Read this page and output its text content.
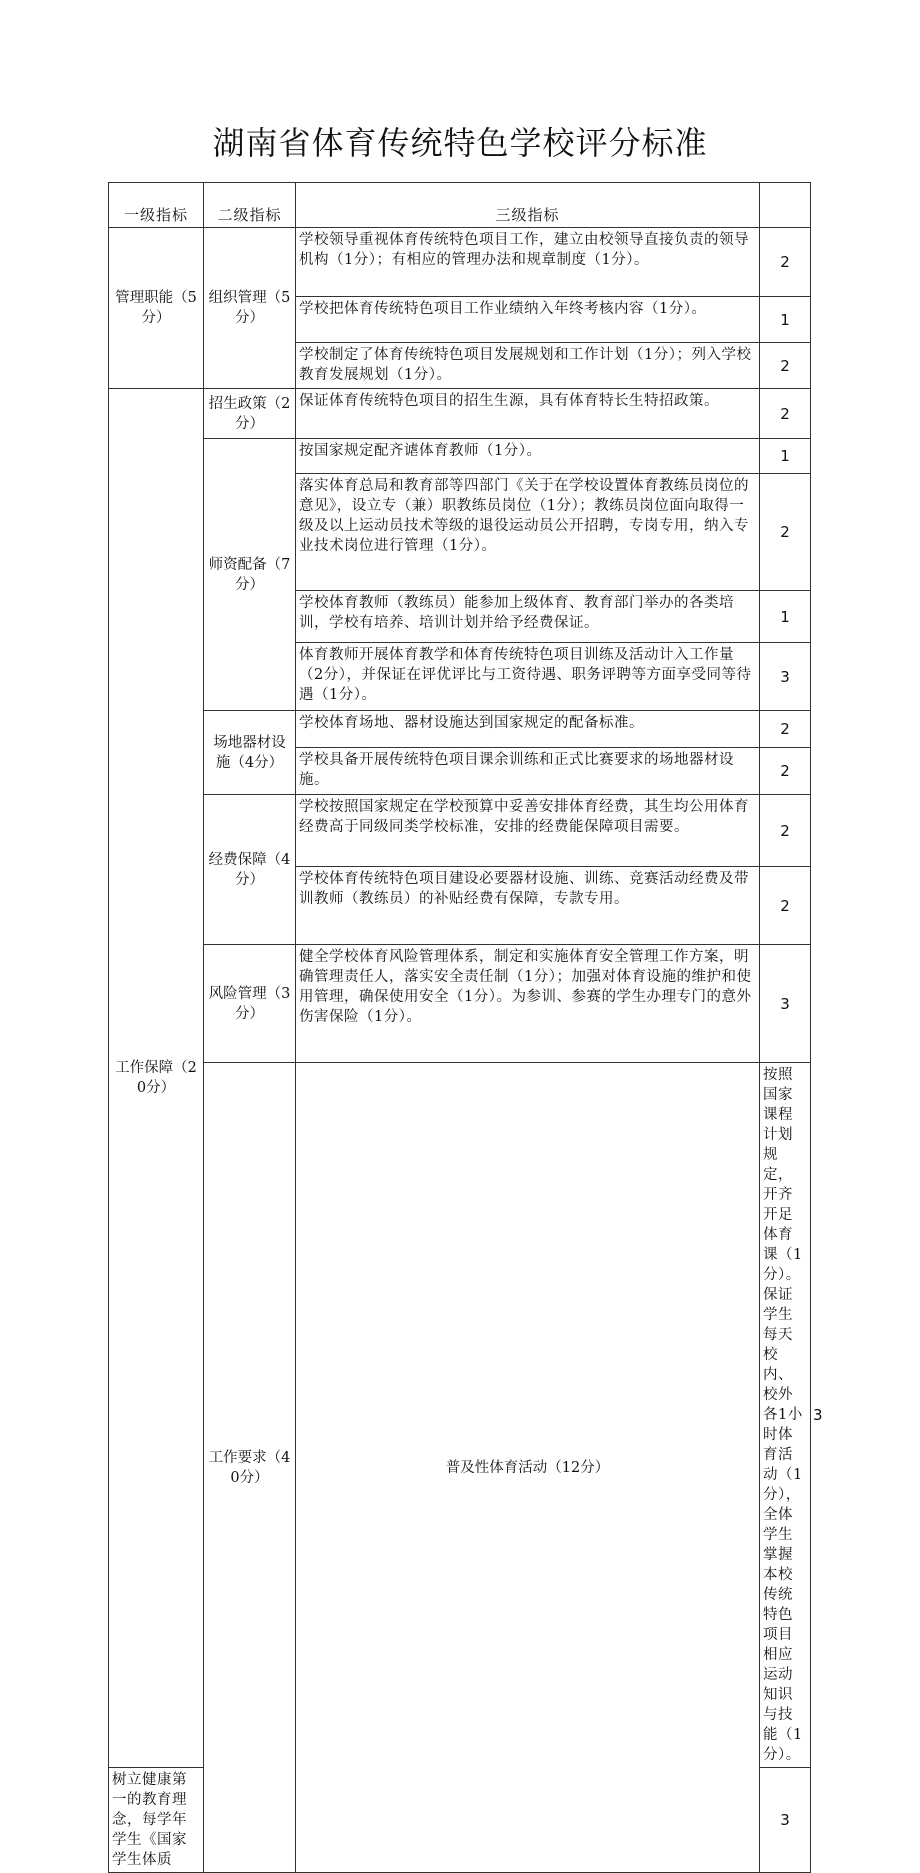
湖南省体育传统特色学校评分标准
一级指标	二级指标	三级指标		
管理职能（5分）	组织管理（5分）	学校领导重视体育传统特色项目工作，建立由校领导直接负责的领导机构（1分）；有相应的管理办法和规章制度（1分）。	2	
		学校把体育传统特色项目工作业绩纳入年终考核内容（1分）。	1	
		学校制定了体育传统特色项目发展规划和工作计划（1分）；列入学校教育发展规划（1分）。	2	
工作保障（20分）	招生政策（2分）	保证体育传统特色项目的招生生源，具有体育特长生特招政策。	2	
	师资配备（7分）	按国家规定配齐谑体育教师（1分）。	1	
		落实体育总局和教育部等四部门《关于在学校设置体育教练员岗位的意见》，设立专（兼）职教练员岗位（1分）；教练员岗位面向取得一级及以上运动员技术等级的退役运动员公开招聘，专岗专用，纳入专业技术岗位进行管理（1分）。	2	
		学校体育教师（教练员）能参加上级体育、教育部门举办的各类培训，学校有培养、培训计划并给予经费保证。	1	
		体育教师开展体育教学和体育传统特色项目训练及活动计入工作量（2分），并保证在评优评比与工资待遇、职务评聘等方面享受同等待遇（1分）。	3	
	场地器材设施（4分）	学校体育场地、器材设施达到国家规定的配备标准。	2	
		学校具备开展传统特色项目课余训练和正式比赛要求的场地器材设施。	2	
	经费保障（4分）	学校按照国家规定在学校预算中妥善安排体育经费，其生均公用体育经费高于同级同类学校标准，安排的经费能保障项目需要。	2	
		学校体育传统特色项目建设必要器材设施、训练、竞赛活动经费及带训教师（教练员）的补贴经费有保障，专款专用。	2	
	风险管理（3分）	健全学校体育风险管理体系，制定和实施体育安全管理工作方案，明确管理责任人，落实安全责任制（1分）；加强对体育设施的维护和使用管理，确保使用安全（1分）。为参训、参赛的学生办理专门的意外伤害保险（1分）。	3	
	工作要求（40分）	普及性体育活动（12分）	按照国家课程计划规定，开齐开足体育课（1分）。保证学生每天校内、校外各1小时体育活动（1分），全体学生掌握本校传统特色项目相应运动知识与技能（1分）。	3
树立健康第一的教育理念，每学年学生《国家学生体质			3	
